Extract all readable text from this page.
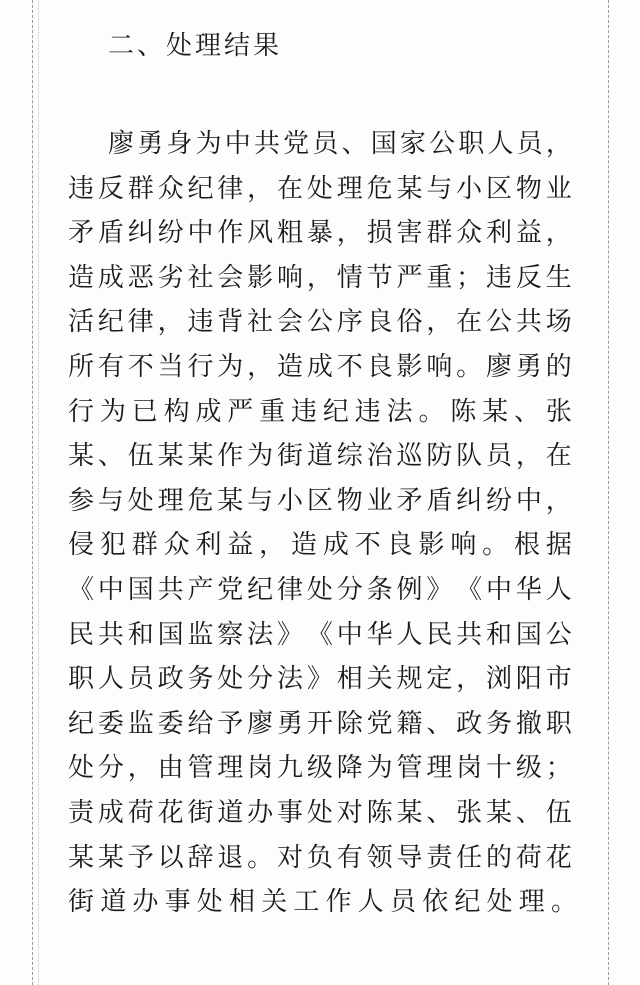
二、处理结果
廖 勇 身 为 中 共 党 员 、 国 家 公 职 人 员 ，
违 反 群 众 纪 律 ， 在 处 理 危 某 与 小 区 物 业
矛 盾 纠 纷 中 作 风 粗 暴 ， 损 害 群 众 利 益 ，
造 成 恶 劣 社 会 影 响 ， 情 节 严 重 ； 违 反 生
活 纪 律 ， 违 背 社 会 公 序 良 俗 ， 在 公 共 场
所 有 不 当 行 为 ， 造 成 不 良 影 响 。 廖 勇 的
行 为 已 构 成 严 重 违 纪 违 法 。 陈 某 、 张
某 、 伍 某 某 作 为 街 道 综 治 巡 防 队 员 ， 在
参 与 处 理 危 某 与 小 区 物 业 矛 盾 纠 纷 中 ，
侵 犯 群 众 利 益 ， 造 成 不 良 影 响 。 根 据
《 中 国 共 产 党 纪 律 处 分 条 例 》 《 中 华 人
民 共 和 国 监 察 法 》 《 中 华 人 民 共 和 国 公
职 人 员 政 务 处 分 法 》 相 关 规 定 ， 浏 阳 市
纪 委 监 委 给 予 廖 勇 开 除 党 籍 、 政 务 撤 职
处 分 ， 由 管 理 岗 九 级 降 为 管 理 岗 十 级 ；
责 成 荷 花 街 道 办 事 处 对 陈 某 、 张 某 、 伍
某 某 予 以 辞 退 。 对 负 有 领 导 责 任 的 荷 花
街道办事处相关工作人员依纪处理。
